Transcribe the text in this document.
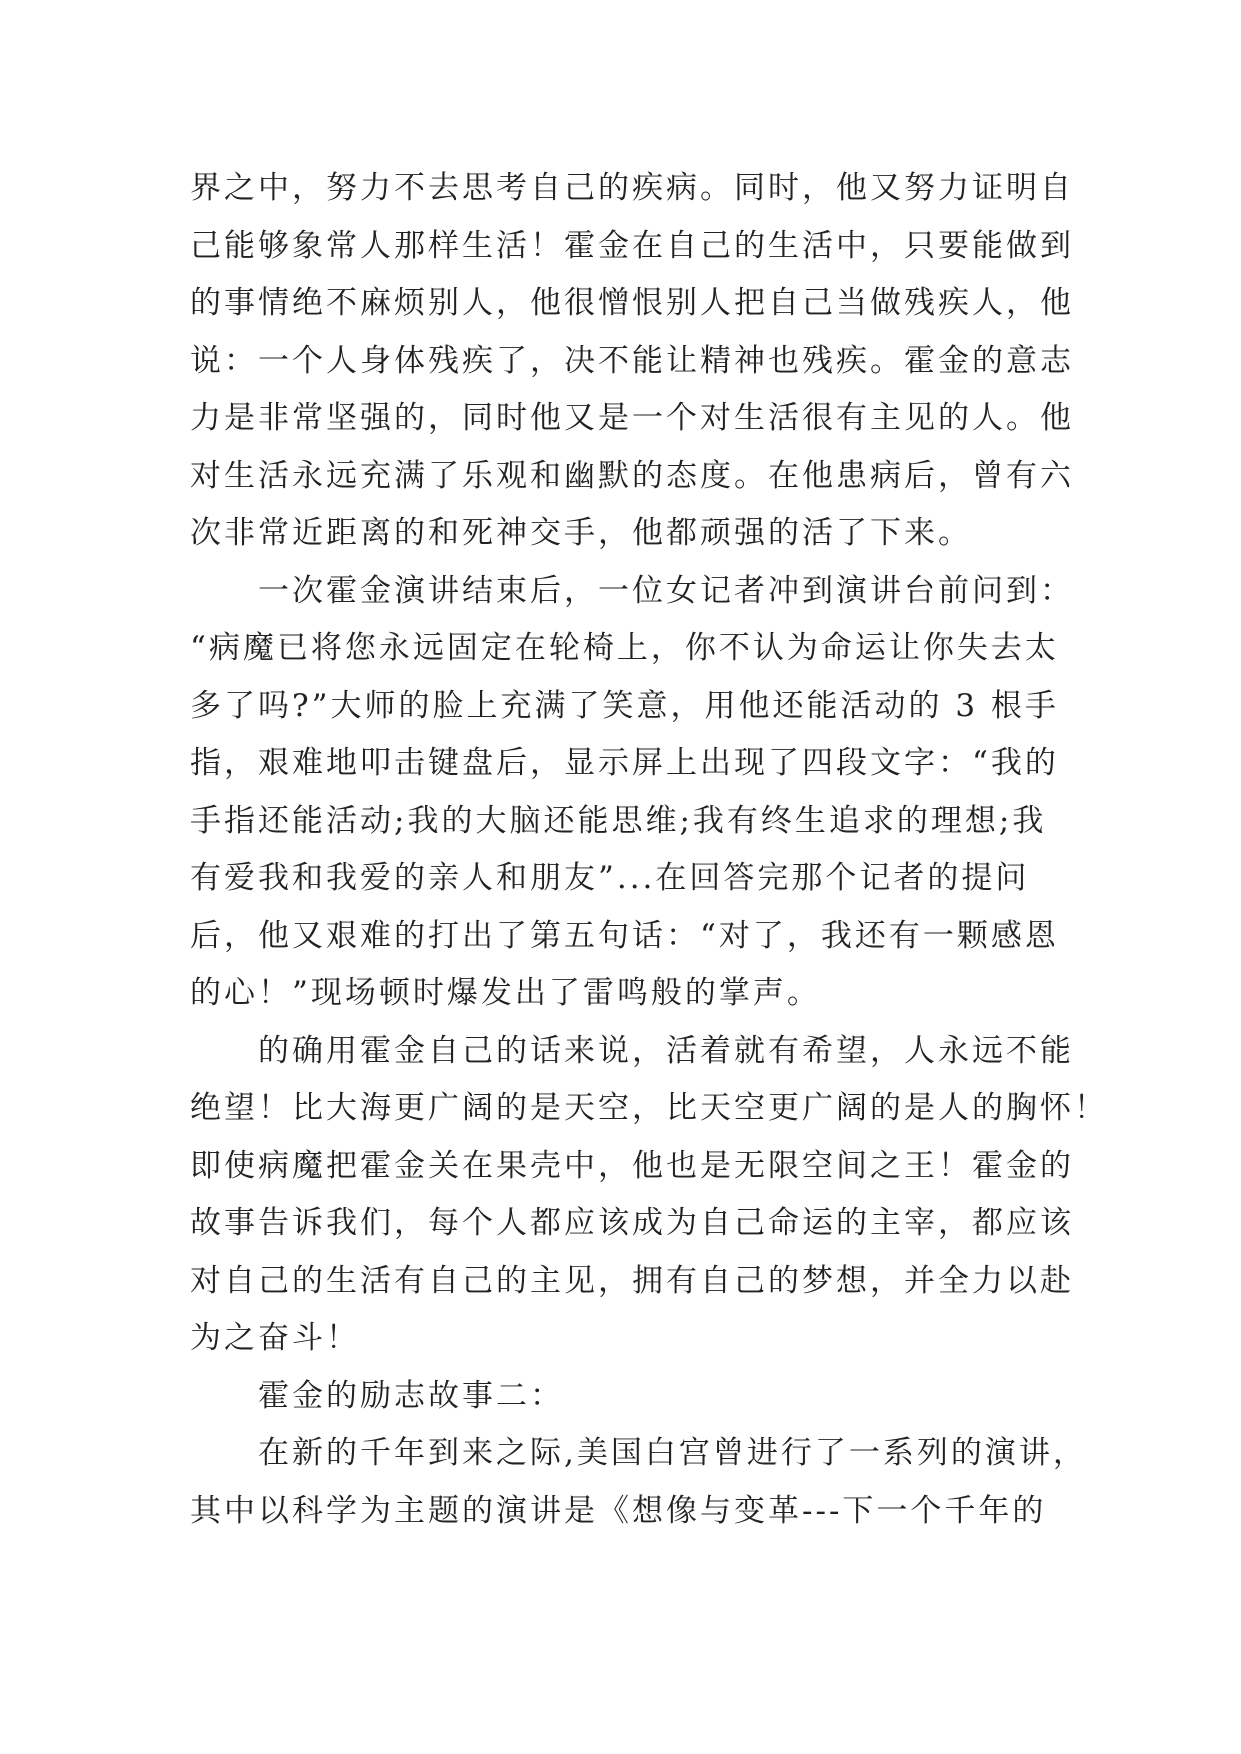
界之中，努力不去思考自己的疾病。同时，他又努力证明自
己能够象常人那样生活！霍金在自己的生活中，只要能做到
的事情绝不麻烦别人，他很憎恨别人把自己当做残疾人，他
说：一个人身体残疾了，决不能让精神也残疾。霍金的意志
力是非常坚强的，同时他又是一个对生活很有主见的人。他
对生活永远充满了乐观和幽默的态度。在他患病后，曾有六
次非常近距离的和死神交手，他都顽强的活了下来。
　　一次霍金演讲结束后，一位女记者冲到演讲台前问到：
“病魔已将您永远固定在轮椅上，你不认为命运让你失去太
多了吗?”大师的脸上充满了笑意，用他还能活动的 3 根手
指，艰难地叩击键盘后，显示屏上出现了四段文字：“我的
手指还能活动;我的大脑还能思维;我有终生追求的理想;我
有爱我和我爱的亲人和朋友”...在回答完那个记者的提问
后，他又艰难的打出了第五句话：“对了，我还有一颗感恩
的心！”现场顿时爆发出了雷鸣般的掌声。
　　的确用霍金自己的话来说，活着就有希望，人永远不能
绝望！比大海更广阔的是天空，比天空更广阔的是人的胸怀！
即使病魔把霍金关在果壳中，他也是无限空间之王！霍金的
故事告诉我们，每个人都应该成为自己命运的主宰，都应该
对自己的生活有自己的主见，拥有自己的梦想，并全力以赴
为之奋斗！
　　霍金的励志故事二：
　　在新的千年到来之际,美国白宫曾进行了一系列的演讲，
其中以科学为主题的演讲是《想像与变革---下一个千年的
